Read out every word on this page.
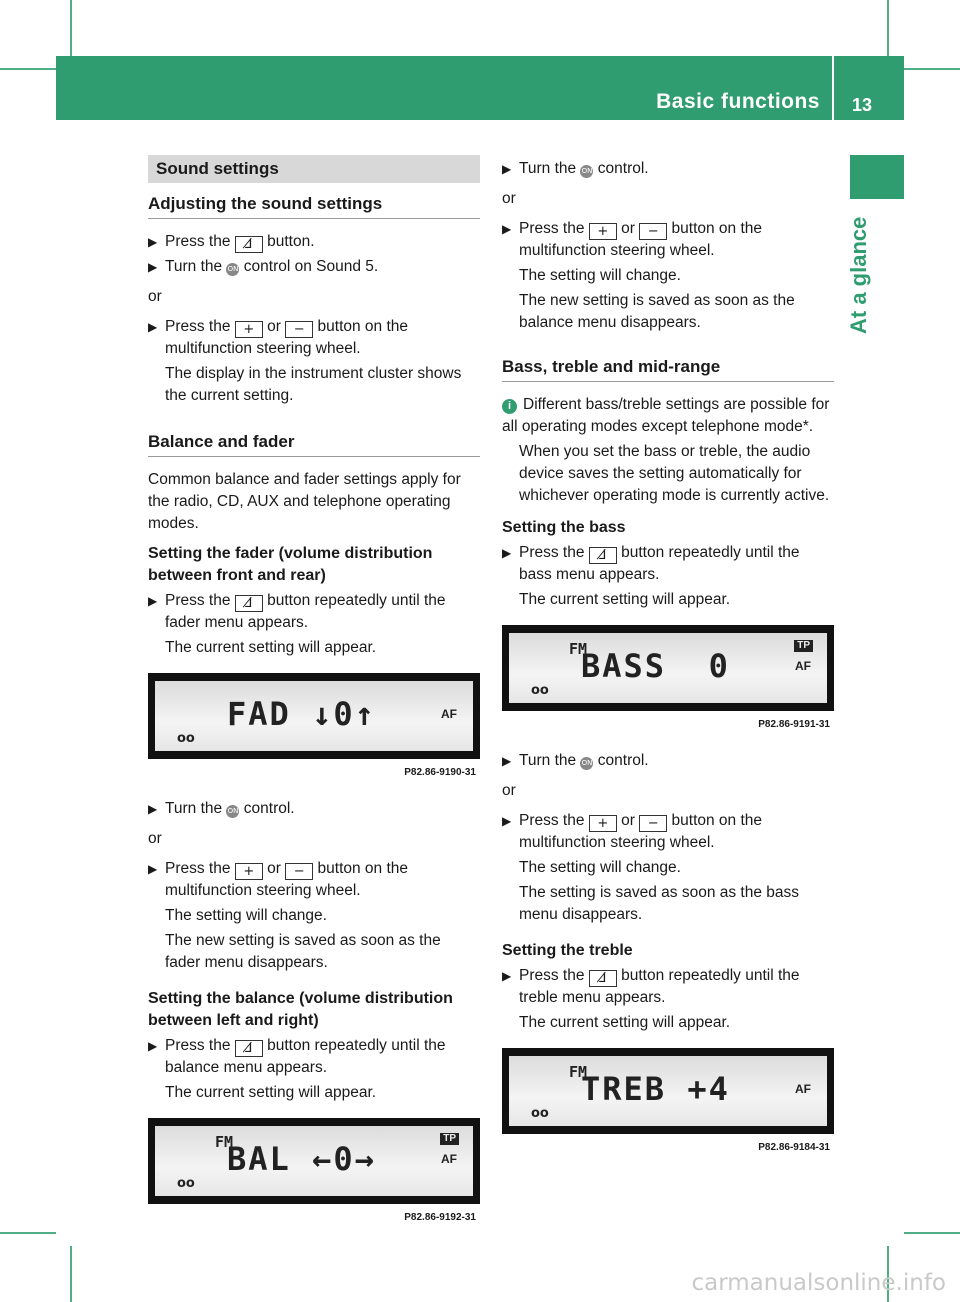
Basic functions 13
At a glance
Sound settings
Adjusting the sound settings

▶ Press the ⅃̸ button.

▶ Turn the ON control on Sound 5.

or

▶ Press the + or − button on the multifunction steering wheel.

The display in the instrument cluster shows the current setting.

Balance and fader

Common balance and fader settings apply for the radio, CD, AUX and telephone operating modes.

Setting the fader (volume distribution between front and rear)

▶ Press the ⅃̸ button repeatedly until the fader menu appears.

The current setting will appear.

FAD ↓0↑	AF
oo
P82.86-9190-31

▶ Turn the ON control.

or

▶ Press the + or − button on the multifunction steering wheel.

The setting will change.

The new setting is saved as soon as the fader menu disappears.

Setting the balance (volume distribution between left and right)

▶ Press the ⅃̸ button repeatedly until the balance menu appears.

The current setting will appear.

FM
BAL ←0→
TP
AF
oo
P82.86-9192-31

▶ Turn the ON control.

or

▶ Press the + or − button on the multifunction steering wheel.

The setting will change.

The new setting is saved as soon as the balance menu disappears.

Bass, treble and mid-range

i Different bass/treble settings are possible for all operating modes except telephone mode*.

When you set the bass or treble, the audio device saves the setting automatically for whichever operating mode is currently active.

Setting the bass

▶ Press the ⅃̸ button repeatedly until the bass menu appears.

The current setting will appear.

FM
BASS  0
TP
AF
oo
P82.86-9191-31

▶ Turn the ON control.

or

▶ Press the + or − button on the multifunction steering wheel.

The setting will change.

The setting is saved as soon as the bass menu disappears.

Setting the treble

▶ Press the ⅃̸ button repeatedly until the treble menu appears.

The current setting will appear.

FM
TREB +4	AF
oo
P82.86-9184-31
carmanualsonline.info
